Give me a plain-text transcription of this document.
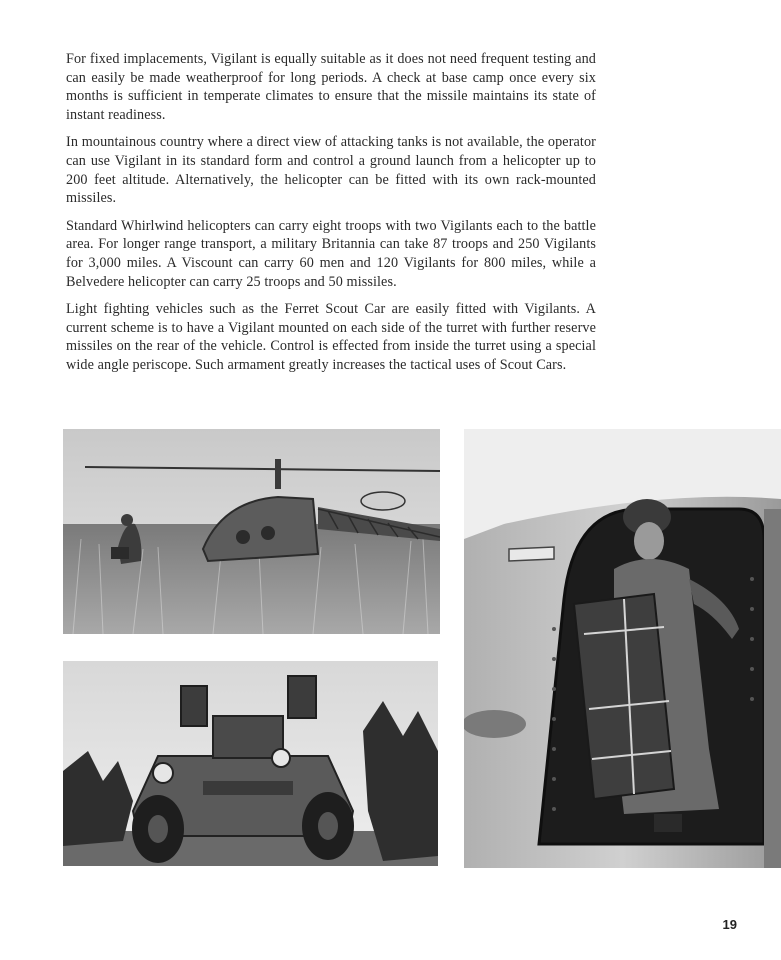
For fixed implacements, Vigilant is equally suitable as it does not need frequent testing and can easily be made weatherproof for long periods. A check at base camp once every six months is sufficient in temperate climates to ensure that the missile maintains its state of instant readiness.

In mountainous country where a direct view of attacking tanks is not available, the operator can use Vigilant in its standard form and control a ground launch from a helicopter up to 200 feet altitude. Alternatively, the helicopter can be fitted with its own rack-mounted missiles.

Standard Whirlwind helicopters can carry eight troops with two Vigilants each to the battle area. For longer range transport, a military Britannia can take 87 troops and 250 Vigilants for 3,000 miles. A Viscount can carry 60 men and 120 Vigilants for 800 miles, while a Belvedere helicopter can carry 25 troops and 50 missiles.

Light fighting vehicles such as the Ferret Scout Car are easily fitted with Vigilants. A current scheme is to have a Vigilant mounted on each side of the turret with further reserve missiles on the rear of the vehicle. Control is effected from inside the turret using a special wide angle periscope. Such armament greatly increases the tactical uses of Scout Cars.

19
